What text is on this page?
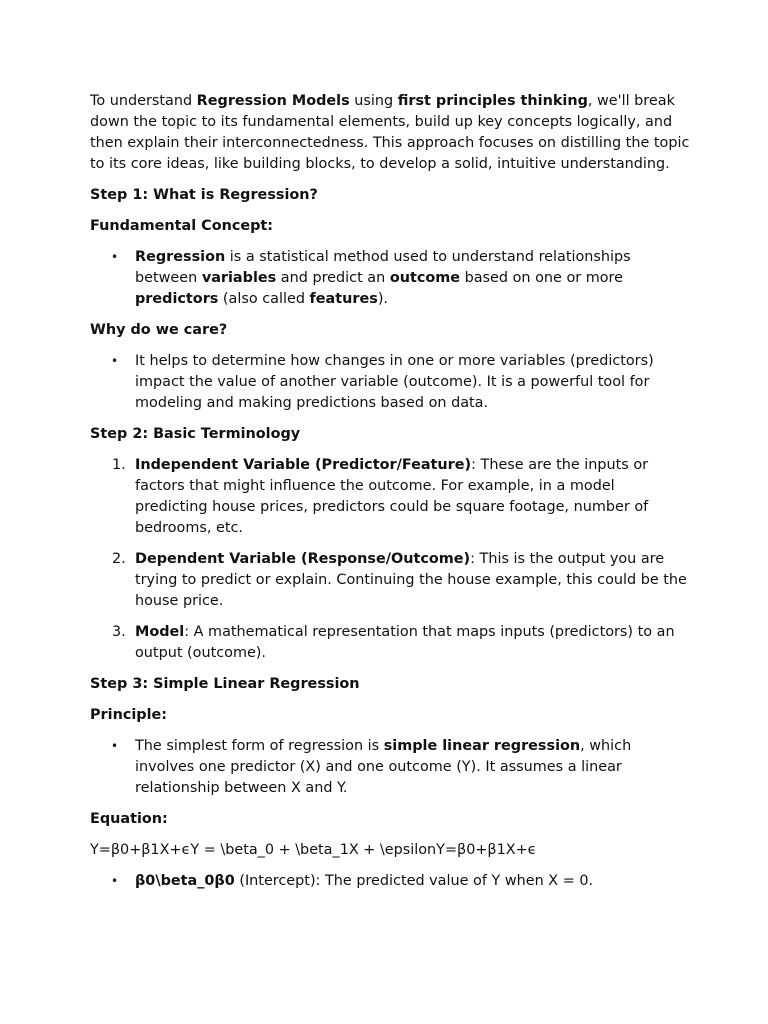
To understand Regression Models using first principles thinking, we'll break down the topic to its fundamental elements, build up key concepts logically, and then explain their interconnectedness. This approach focuses on distilling the topic to its core ideas, like building blocks, to develop a solid, intuitive understanding.

Step 1: What is Regression?

Fundamental Concept:

• Regression is a statistical method used to understand relationships between variables and predict an outcome based on one or more predictors (also called features).

Why do we care?

• It helps to determine how changes in one or more variables (predictors) impact the value of another variable (outcome). It is a powerful tool for modeling and making predictions based on data.

Step 2: Basic Terminology

1. Independent Variable (Predictor/Feature): These are the inputs or factors that might influence the outcome. For example, in a model predicting house prices, predictors could be square footage, number of bedrooms, etc.
2. Dependent Variable (Response/Outcome): This is the output you are trying to predict or explain. Continuing the house example, this could be the house price.
3. Model: A mathematical representation that maps inputs (predictors) to an output (outcome).

Step 3: Simple Linear Regression

Principle:

• The simplest form of regression is simple linear regression, which involves one predictor (X) and one outcome (Y). It assumes a linear relationship between X and Y.

Equation:

Y=β0+β1X+ϵY = \beta_0 + \beta_1X + \epsilonY=β0​+β1​X+ϵ

• β0\beta_0β0​ (Intercept): The predicted value of Y when X = 0.
